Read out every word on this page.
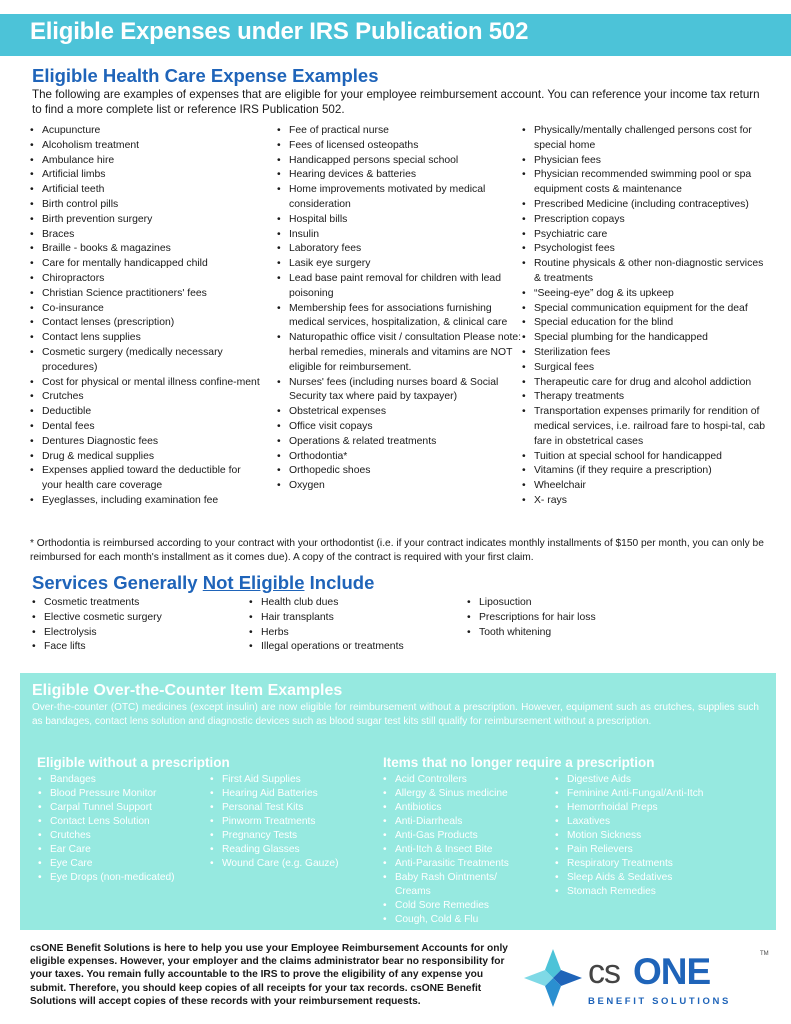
Eligible Expenses under IRS Publication 502
Eligible Health Care Expense Examples
The following are examples of expenses that are eligible for your employee reimbursement account. You can reference your income tax return to find a more complete list or reference IRS Publication 502.
• Acupuncture
• Alcoholism treatment
• Ambulance hire
• Artificial limbs
• Artificial teeth
• Birth control pills
• Birth prevention surgery
• Braces
• Braille - books & magazines
• Care for mentally handicapped child
• Chiropractors
• Christian Science practitioners' fees
• Co-insurance
• Contact lenses (prescription)
• Contact lens supplies
• Cosmetic surgery (medically necessary procedures)
• Cost for physical or mental illness confine-ment
• Crutches
• Deductible
• Dental fees
• Dentures Diagnostic fees
• Drug & medical supplies
• Expenses applied toward the deductible for your health care coverage
• Eyeglasses, including examination fee
• Fee of practical nurse
• Fees of licensed osteopaths
• Handicapped persons special school
• Hearing devices & batteries
• Home improvements motivated by medical consideration
• Hospital bills
• Insulin
• Laboratory fees
• Lasik eye surgery
• Lead base paint removal for children with lead poisoning
• Membership fees for associations furnishing medical services, hospitalization, & clinical care
• Naturopathic office visit / consultation Please note: herbal remedies, minerals and vitamins are NOT eligible for reimbursement.
• Nurses' fees (including nurses board & Social Security tax where paid by taxpayer)
• Obstetrical expenses
• Office visit copays
• Operations & related treatments
• Orthodontia*
• Orthopedic shoes
• Oxygen
• Physically/mentally challenged persons cost for special home
• Physician fees
• Physician recommended swimming pool or spa equipment costs & maintenance
• Prescribed Medicine (including contraceptives)
• Prescription copays
• Psychiatric care
• Psychologist fees
• Routine physicals & other non-diagnostic services & treatments
• “Seeing-eye” dog & its upkeep
• Special communication equipment for the deaf
• Special education for the blind
• Special plumbing for the handicapped
• Sterilization fees
• Surgical fees
• Therapeutic care for drug and alcohol addiction
• Therapy treatments
• Transportation expenses primarily for rendition of medical services, i.e. railroad fare to hospi-tal, cab fare in obstetrical cases
• Tuition at special school for handicapped
• Vitamins (if they require a prescription)
• Wheelchair
• X- rays
* Orthodontia is reimbursed according to your contract with your orthodontist (i.e. if your contract indicates monthly installments of $150 per month, you can only be reimbursed for each month's installment as it comes due). A copy of the contract is required with your first claim.
Services Generally Not Eligible Include
• Cosmetic treatments
• Elective cosmetic surgery
• Electrolysis
• Face lifts
• Health club dues
• Hair transplants
• Herbs
• Illegal operations or treatments
• Liposuction
• Prescriptions for hair loss
• Tooth whitening
Eligible Over-the-Counter Item Examples
Over-the-counter (OTC) medicines (except insulin) are now eligible for reimbursement without a prescription. However, equipment such as crutches, supplies such as bandages, contact lens solution and diagnostic devices such as blood sugar test kits still qualify for reimbursement without a prescription.
Eligible without a prescription
• Bandages
• Blood Pressure Monitor
• Carpal Tunnel Support
• Contact Lens Solution
• Crutches
• Ear Care
• Eye Care
• Eye Drops (non-medicated)
• First Aid Supplies
• Hearing Aid Batteries
• Personal Test Kits
• Pinworm Treatments
• Pregnancy Tests
• Reading Glasses
• Wound Care (e.g. Gauze)
Items that no longer require a prescription
• Acid Controllers
• Allergy & Sinus medicine
• Antibiotics
• Anti-Diarrheals
• Anti-Gas Products
• Anti-Itch & Insect Bite
• Anti-Parasitic Treatments
• Baby Rash Ointments/ Creams
• Cold Sore Remedies
• Cough, Cold & Flu
• Digestive Aids
• Feminine Anti-Fungal/Anti-Itch
• Hemorrhoidal Preps
• Laxatives
• Motion Sickness
• Pain Relievers
• Respiratory Treatments
• Sleep Aids & Sedatives
• Stomach Remedies
csONE Benefit Solutions is here to help you use your Employee Reimbursement Accounts for only eligible expenses. However, your employer and the claims administrator bear no responsibility for your taxes. You remain fully accountable to the IRS to prove the eligibility of any expense you submit. Therefore, you should keep copies of all receipts for your tax records. csONE Benefit Solutions will accept copies of these records with your reimbursement requests.
cs ONE	TM
BENEFIT SOLUTIONS
